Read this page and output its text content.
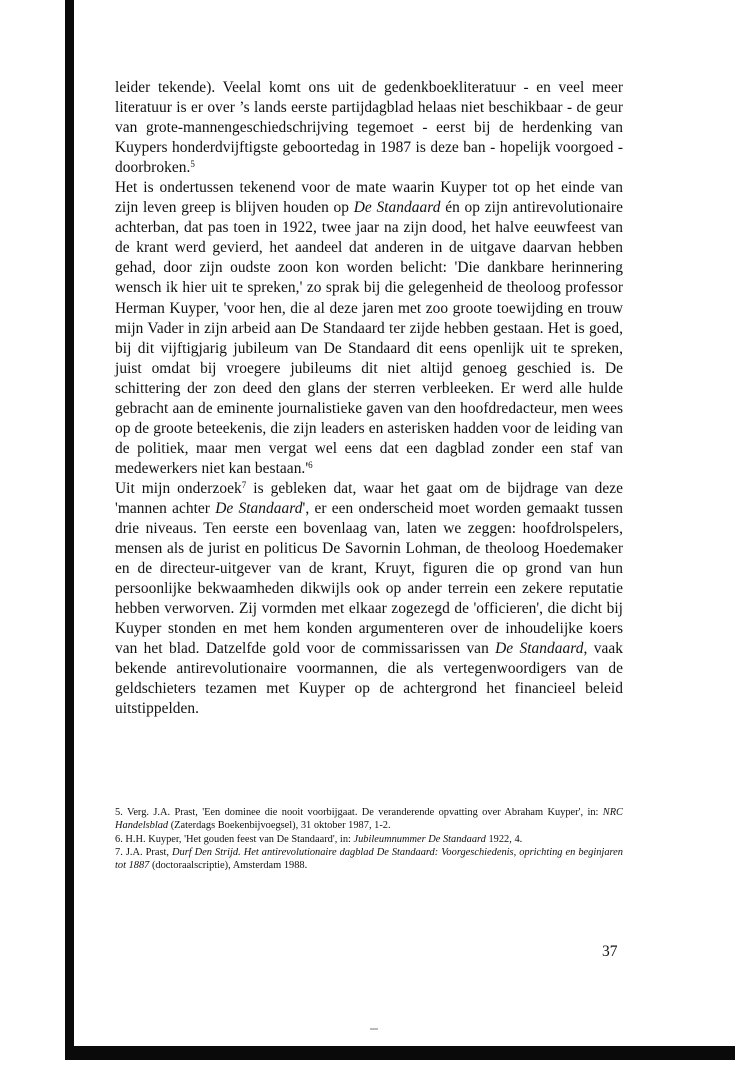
leider tekende). Veelal komt ons uit de gedenkboekliteratuur - en veel meer literatuur is er over ’s lands eerste partijdagblad helaas niet beschikbaar - de geur van grote-mannengeschiedschrijving tegemoet - eerst bij de herdenking van Kuypers honderdvijftigste geboortedag in 1987 is deze ban - hopelijk voorgoed - doorbroken.$^5$

Het is ondertussen tekenend voor de mate waarin Kuyper tot op het einde van zijn leven greep is blijven houden op De Standaard én op zijn antirevolutionaire achterban, dat pas toen in 1922, twee jaar na zijn dood, het halve eeuwfeest van de krant werd gevierd, het aandeel dat anderen in de uitgave daarvan hebben gehad, door zijn oudste zoon kon worden belicht: 'Die dankbare herinnering wensch ik hier uit te spreken,' zo sprak bij die gelegenheid de theoloog professor Herman Kuyper, 'voor hen, die al deze jaren met zoo groote toewijding en trouw mijn Vader in zijn arbeid aan De Standaard ter zijde hebben gestaan. Het is goed, bij dit vijftigjarig jubileum van De Standaard dit eens openlijk uit te spreken, juist omdat bij vroegere jubileums dit niet altijd genoeg geschied is. De schittering der zon deed den glans der sterren verbleeken. Er werd alle hulde gebracht aan de eminente journalistieke gaven van den hoofdredacteur, men wees op de groote beteekenis, die zijn leaders en asterisken hadden voor de leiding van de politiek, maar men vergat wel eens dat een dagblad zonder een staf van medewerkers niet kan $bestaan.'^6$

Uit mijn onderzoek$^7$ is gebleken dat, waar het gaat om de bijdrage van deze 'mannen achter De Standaard', er een onderscheid moet worden gemaakt tussen drie niveaus. Ten eerste een bovenlaag van, laten we zeggen: hoofdrolspelers, mensen als de jurist en politicus De Savornin Lohman, de theoloog Hoedemaker en de directeur-uitgever van de krant, Kruyt, figuren die op grond van hun persoonlijke bekwaamheden dikwijls ook op ander terrein een zekere reputatie hebben verworven. Zij vormden met elkaar zogezegd de 'officieren', die dicht bij Kuyper stonden en met hem konden argumenteren over de inhoudelijke koers van het blad. Datzelfde gold voor de commissarissen van De Standaard, vaak bekende antirevolutionaire voormannen, die als vertegenwoordigers van de geldschieters tezamen met Kuyper op de achtergrond het financieel beleid uitstippelden.

5. Verg. J.A. Prast, 'Een dominee die nooit voorbijgaat. De veranderende opvatting over Abraham Kuyper', in: NRC Handelsblad (Zaterdags Boekenbijvoegsel), 31 oktober 1987, 1-2.

6. H.H. Kuyper, 'Het gouden feest van De Standaard', in: Jubileumnummer De Standaard 1922, 4.

7. J.A. Prast, Durf Den Strijd. Het antirevolutionaire dagblad De Standaard: Voorgeschiedenis, oprichting en beginjaren tot 1887 (doctoraalscriptie), Amsterdam 1988.

37
